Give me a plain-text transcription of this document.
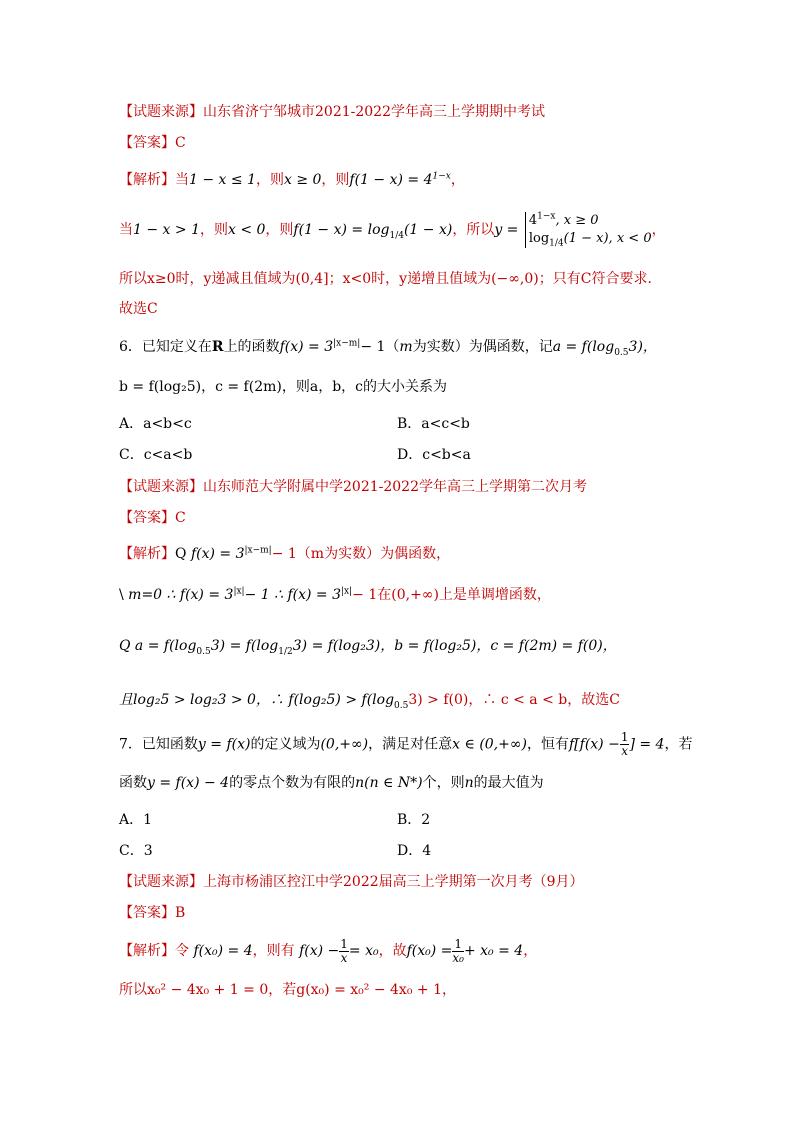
【试题来源】山东省济宁邹城市2021-2022学年高三上学期期中考试
【答案】C
【解析】当1 − x ≤ 1，则x ≥ 0，则$f(1 - x) = 4^{1-x}$，
当1 − x > 1，则x < 0，则$f(1 - x) = \log_{1/4}(1 - x)$，所以y =
$4^{1-x}$, x ≥ 0
$\log_{1/4}(1 - x)$, x < 0
，
所以x≥0时，y递减且值域为(0,4]；x<0时，y递增且值域为(−∞,0)；只有C符合要求．
故选C
6．已知定义在R上的函数$f(x) = 3^{|x-m|}- 1(m$为实数）为偶函数，记$a = f(\log_{0.5}3)$，
b = f(log₂5)，c = f(2m)，则a，b，c的大小关系为
A．a<b<c	B．a<c<b
C．c<a<b	D．c<b<a
【试题来源】山东师范大学附属中学2021-2022学年高三上学期第二次月考
【答案】C
【解析】Q $f(x) = 3^{|x-m|}- 1(m$为实数）为偶函数，
\ m=0 ∴ $f(x) = 3^{|x|}- 1$ ∴ $f(x) = 3^{|x|}- 1$在(0,+∞)上是单调增函数，
Q $a = f(\log_{0.5}3) = f(\log_{1/2}3) = f(\log_23)$，b = f(log₂5)，c = f(2m) = f(0)，
且log₂5 > log₂3 > 0，∴ $f(\log_25) > f(\log_{0.5}3) > f(0)$，∴ c < a < b，故选C
7．已知函数y = f(x)的定义域为(0,+∞)，满足对任意x ∈ (0,+∞)，恒有$f[f(x) - \frac{1}{x}$ ] = 4，若
函数y = f(x) − 4的零点个数为有限的n(n ∈ N*)个，则n的最大值为
A．1	B．2
C．3	D．4
【试题来源】上海市杨浦区控江中学2022届高三上学期第一次月考（9月）
【答案】B
【解析】令 f(x₀) = 4，则有 $f(x) - \frac{1}{x} = x_0$，故$f(x_0) = \frac{1}{\text{x₀}} + x_0 = 4$，
所以x₀² − 4x₀ + 1 = 0，若g(x₀) = x₀² − 4x₀ + 1，
